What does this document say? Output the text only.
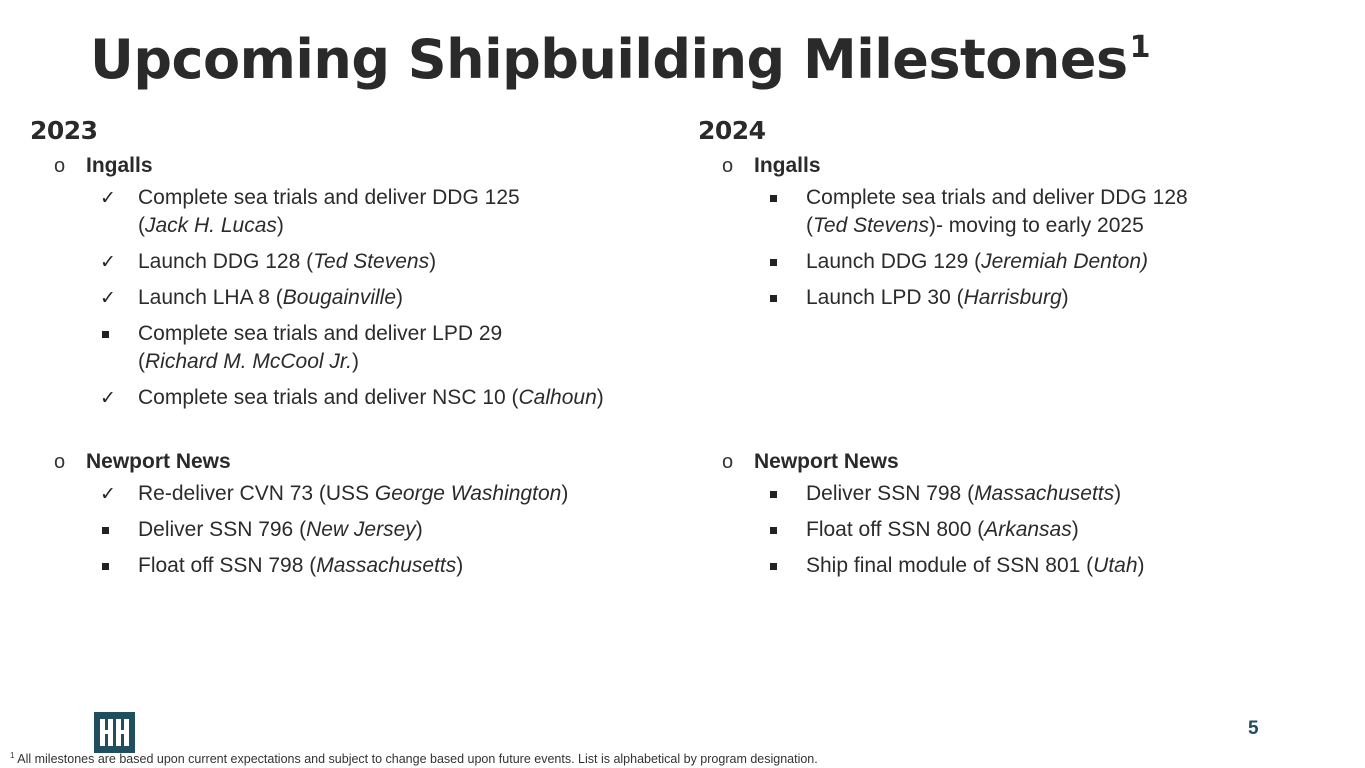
Upcoming Shipbuilding Milestones$^1$
2023
o Ingalls
✓	Complete sea trials and deliver DDG 125
(Jack H. Lucas)
✓	Launch DDG 128 (Ted Stevens)
✓	Launch LHA 8 (Bougainville)
Complete sea trials and deliver LPD 29
(Richard M. McCool Jr.)
✓	Complete sea trials and deliver NSC 10 (Calhoun)
o Newport News
✓	Re-deliver CVN 73 (USS George Washington)
Deliver SSN 796 (New Jersey)
Float off SSN 798 (Massachusetts)
2024
o Ingalls
Complete sea trials and deliver DDG 128
(Ted Stevens)- moving to early 2025
Launch DDG 129 (Jeremiah Denton)
Launch LPD 30 (Harrisburg)
o Newport News
Deliver SSN 798 (Massachusetts)
Float off SSN 800 (Arkansas)
Ship final module of SSN 801 (Utah)
5
$^1$ All milestones are based upon current expectations and subject to change based upon future events. List is alphabetical by program designation.
